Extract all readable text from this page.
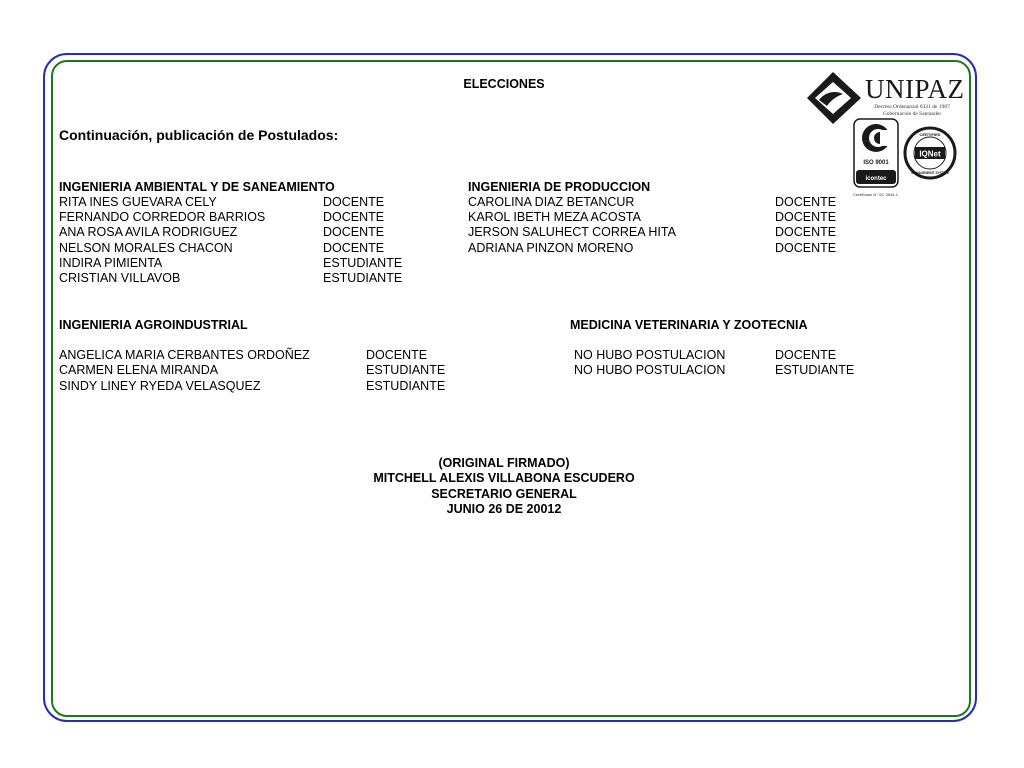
ELECCIONES
Continuación, publicación de Postulados:
UNIPAZ
Decreto Ordenanzal 0331 de 1987
Gobernación de Santander
ISO 9001
icontec
IQNet
CERTIFIED
MANAGEMENT SYSTEM
Certificado N° SC 3844-1
INGENIERIA AMBIENTAL Y DE SANEAMIENTO
RITA INES GUEVARA CELY	DOCENTE
FERNANDO CORREDOR BARRIOS	DOCENTE
ANA ROSA AVILA RODRIGUEZ	DOCENTE
NELSON MORALES CHACON	DOCENTE
INDIRA PIMIENTA	ESTUDIANTE
CRISTIAN VILLAVOB	ESTUDIANTE
INGENIERIA DE PRODUCCION
CAROLINA DIAZ BETANCUR	DOCENTE
KAROL IBETH MEZA ACOSTA	DOCENTE
JERSON SALUHECT CORREA HITA	DOCENTE
ADRIANA PINZON MORENO	DOCENTE
INGENIERIA AGROINDUSTRIAL
ANGELICA MARIA CERBANTES ORDOÑEZ	DOCENTE
CARMEN ELENA MIRANDA	ESTUDIANTE
SINDY LINEY RYEDA VELASQUEZ	ESTUDIANTE
MEDICINA VETERINARIA Y ZOOTECNIA
NO HUBO POSTULACION	DOCENTE
NO HUBO POSTULACION	ESTUDIANTE
(ORIGINAL FIRMADO)
MITCHELL ALEXIS VILLABONA ESCUDERO
SECRETARIO GENERAL
JUNIO 26 DE 20012
